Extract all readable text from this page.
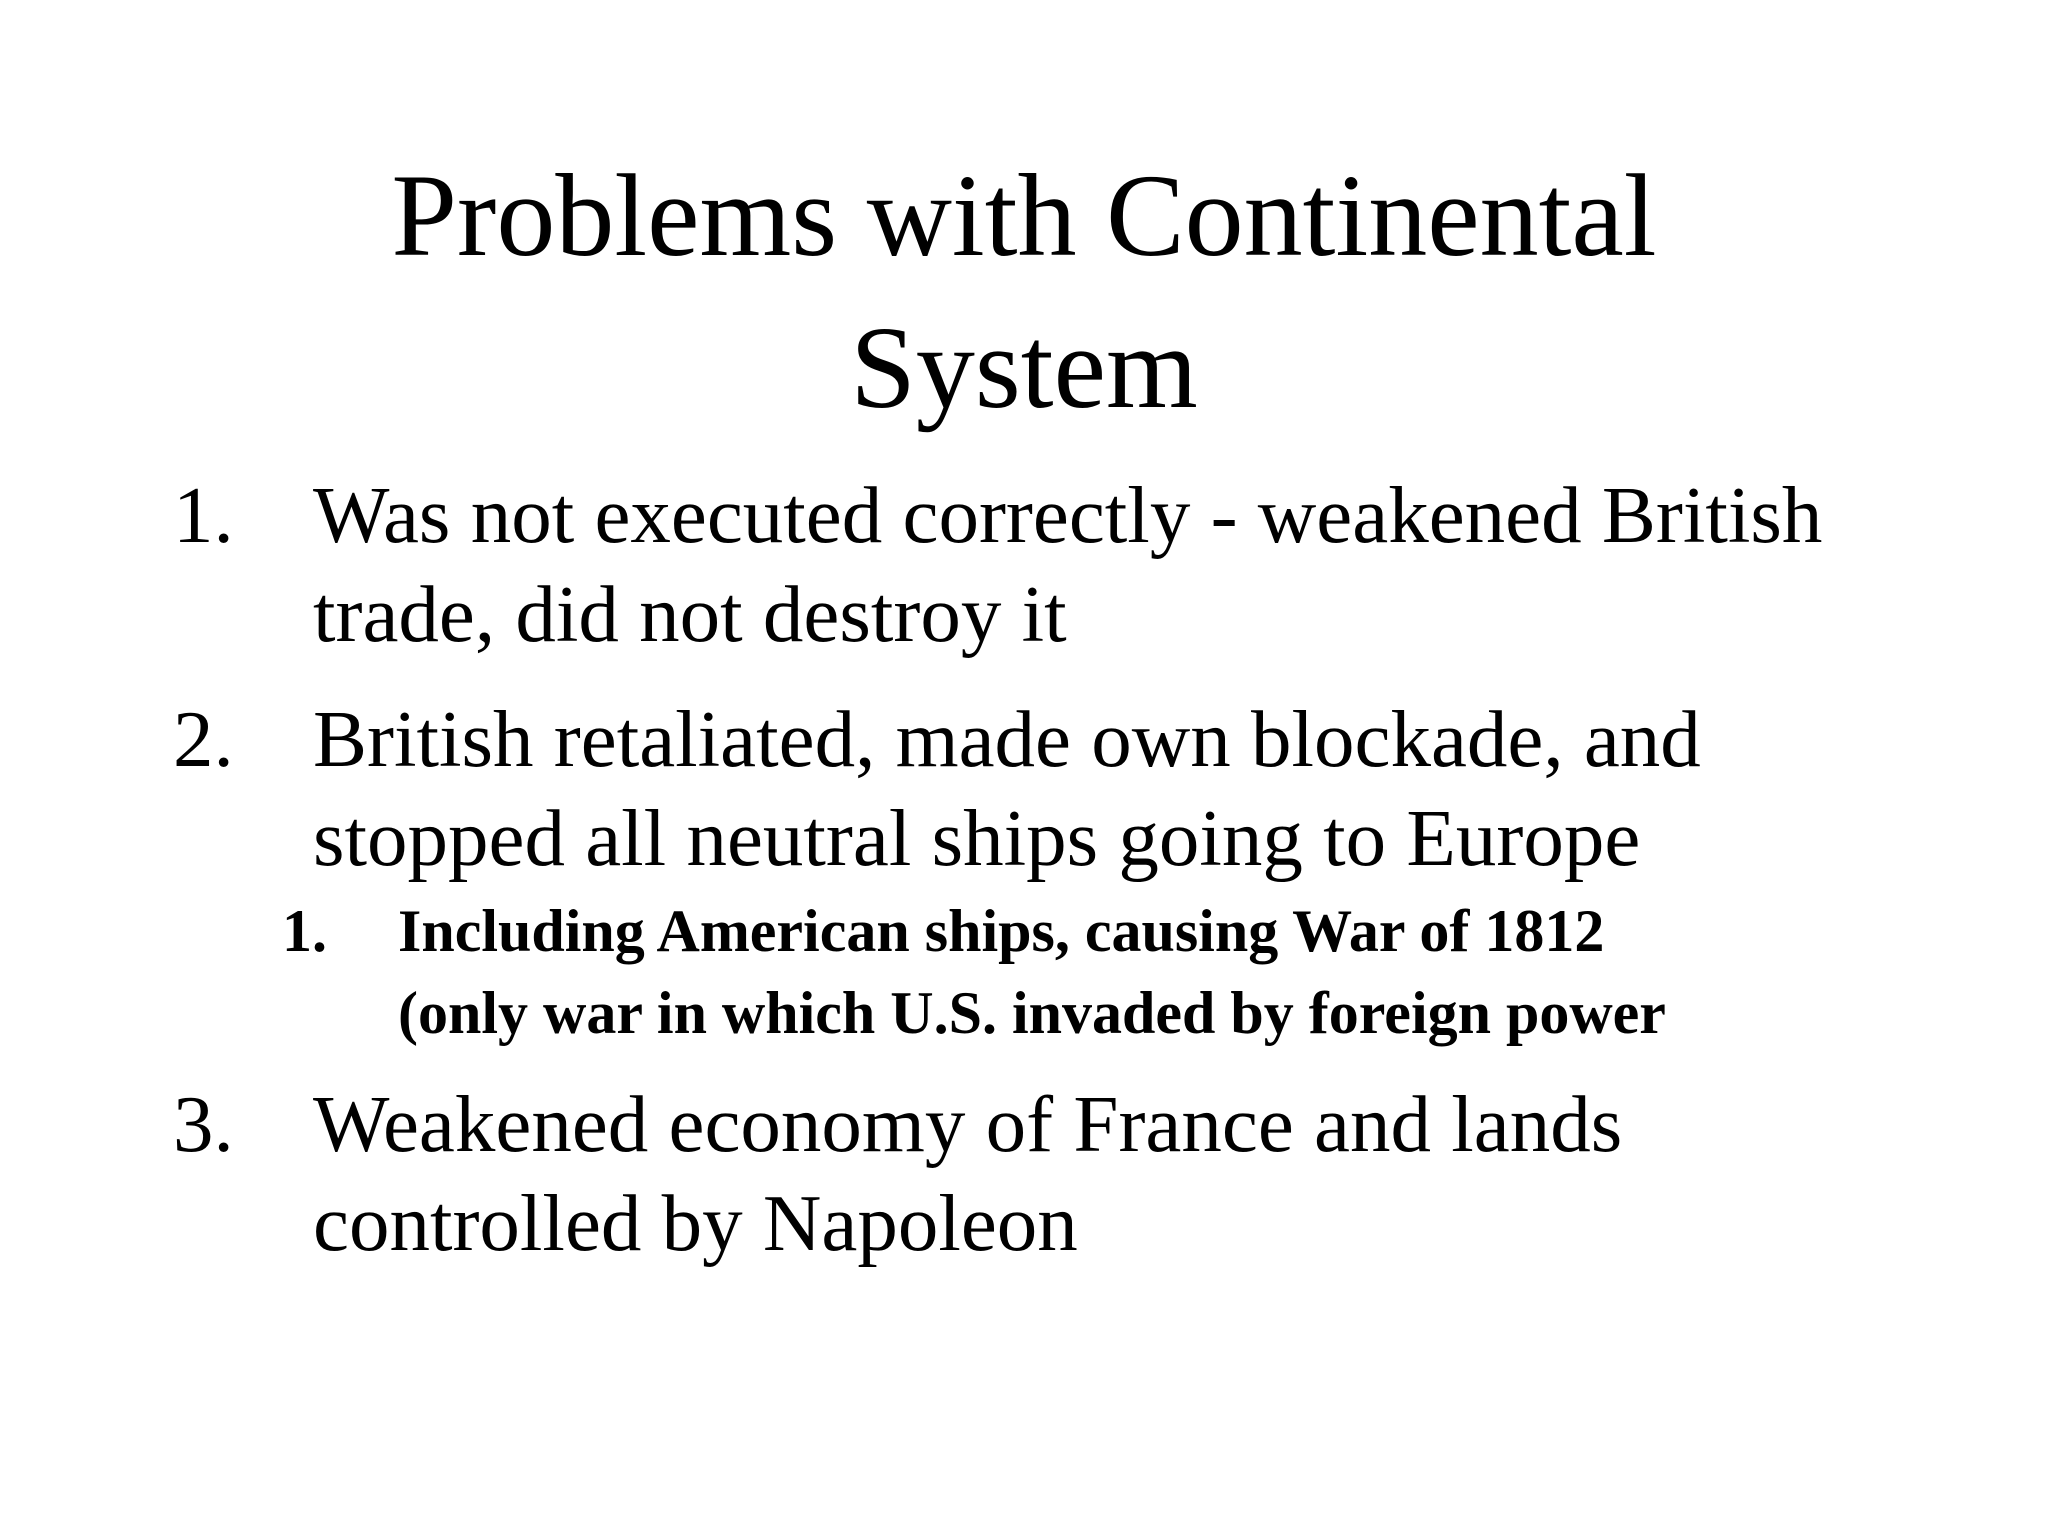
Problems with Continental
System
1. Was not executed correctly - weakened British
trade, did not destroy it
2. British retaliated, made own blockade, and
stopped all neutral ships going to Europe
1. Including American ships, causing War of 1812
(only war in which U.S. invaded by foreign power
3. Weakened economy of France and lands
controlled by Napoleon
